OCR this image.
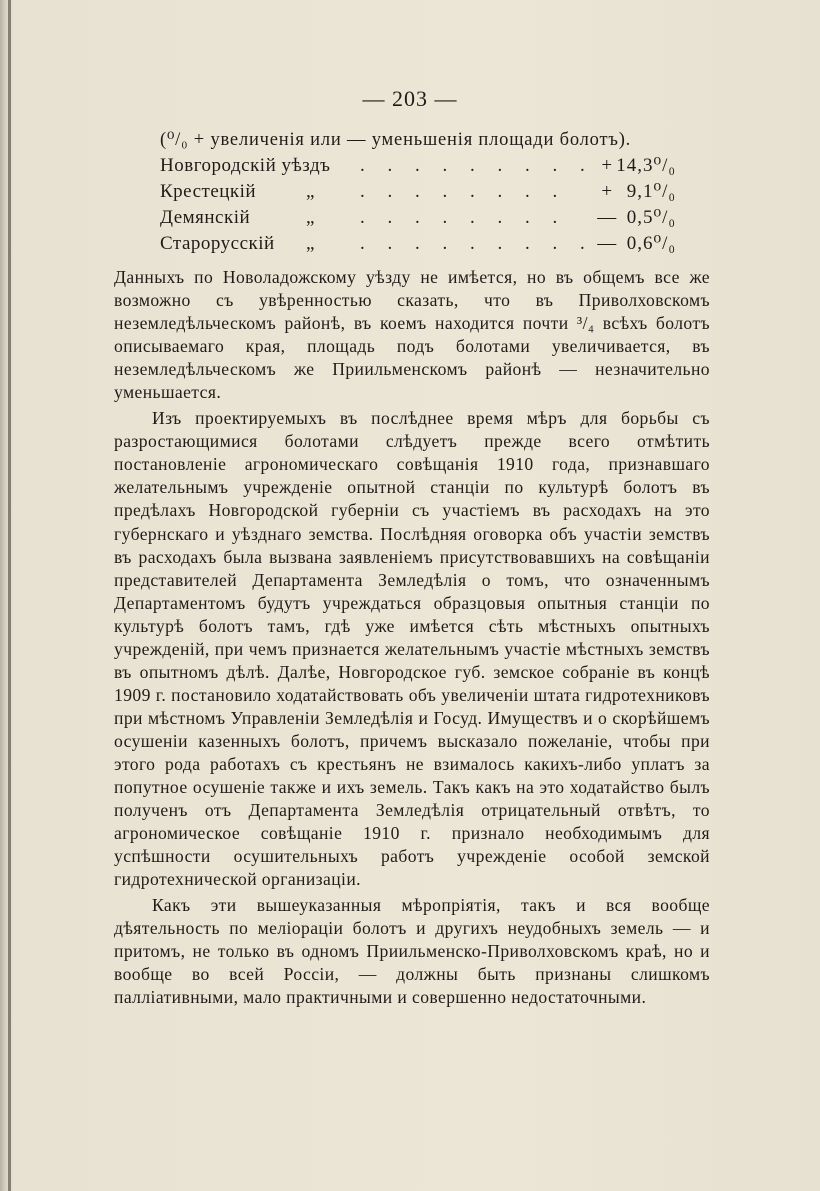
— 203 —
(⁰/₀ + увеличенія или — уменьшенія площади болотъ).
Новгородскій уѣздъ . . . . . . . . . + 14,3⁰/₀
Крестецкій	„ . . . . . . . .	+ 9,1⁰/₀
Демянскій	„ . . . . . . . . — 0,5⁰/₀
Старорусскій „ . . . . . . . . . — 0,6⁰/₀

Данныхъ по Новоладожскому уѣзду не имѣется, но въ общемъ все же возможно съ увѣренностью сказать, что въ Приволховскомъ неземледѣльческомъ районѣ, въ коемъ находится почти ³/₄ всѣхъ болотъ описываемаго края, площадь подъ болотами увеличивается, въ неземледѣльческомъ же Приильменскомъ районѣ — незначительно уменьшается.

Изъ проектируемыхъ въ послѣднее время мѣръ для борьбы съ разростающимися болотами слѣдуетъ прежде всего отмѣтить постановленіе агрономическаго совѣщанія 1910 года, признавшаго желательнымъ учрежденіе опытной станціи по культурѣ болотъ въ предѣлахъ Новгородской губерніи съ участіемъ въ расходахъ на это губернскаго и уѣзднаго земства. Послѣдняя оговорка объ участіи земствъ въ расходахъ была вызвана заявленіемъ присутствовавшихъ на совѣщаніи представителей Департамента Земледѣлія о томъ, что означеннымъ Департаментомъ будутъ учреждаться образцовыя опытныя станціи по культурѣ болотъ тамъ, гдѣ уже имѣется сѣть мѣстныхъ опытныхъ учрежденій, при чемъ признается желательнымъ участіе мѣстныхъ земствъ въ опытномъ дѣлѣ. Далѣе, Новгородское губ. земское собраніе въ концѣ 1909 г. постановило ходатайствовать объ увеличеніи штата гидротехниковъ при мѣстномъ Управленіи Земледѣлія и Госуд. Имуществъ и о скорѣйшемъ осушеніи казенныхъ болотъ, причемъ высказало пожеланіе, чтобы при этого рода работахъ съ крестьянъ не взималось какихъ-либо уплатъ за попутное осушеніе также и ихъ земель. Такъ какъ на это ходатайство былъ полученъ отъ Департамента Земледѣлія отрицательный отвѣтъ, то агрономическое совѣщаніе 1910 г. признало необходимымъ для успѣшности осушительныхъ работъ учрежденіе особой земской гидротехнической организаціи.

Какъ эти вышеуказанныя мѣропріятія, такъ и вся вообще дѣятельность по меліораціи болотъ и другихъ неудобныхъ земель — и притомъ, не только въ одномъ Приильменско-Приволховскомъ краѣ, но и вообще во всей Россіи, — должны быть признаны слишкомъ палліативными, мало практичными и совершенно недостаточными.
